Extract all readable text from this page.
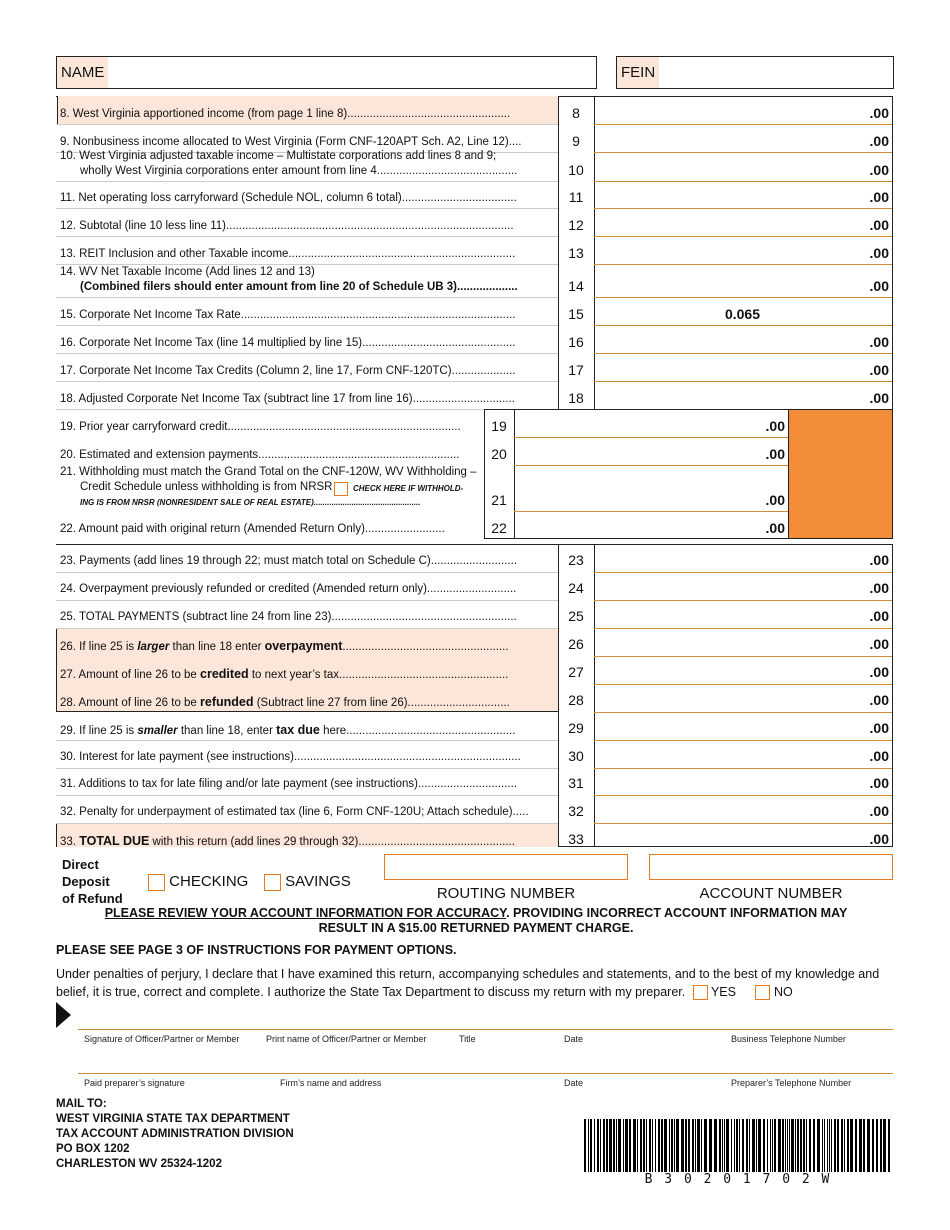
NAME	FEIN
8. West Virginia apportioned income (from page 1 line 8)...................................................	8	.00
9. Nonbusiness income allocated to West Virginia (Form CNF-120APT Sch. A2, Line 12)....	9	.00
10. West Virginia adjusted taxable income – Multistate corporations add lines 8 and 9;
wholly West Virginia corporations enter amount from line 4............................................	10	.00
11. Net operating loss carryforward (Schedule NOL, column 6 total)....................................	11	.00
12. Subtotal (line 10 less line 11)..........................................................................................	12	.00
13. REIT Inclusion and other Taxable income.......................................................................	13	.00
14. WV Net Taxable Income (Add lines 12 and 13)
(Combined filers should enter amount from line 20 of Schedule UB 3)...................	14	.00
15. Corporate Net Income Tax Rate......................................................................................	15	0.065
16. Corporate Net Income Tax (line 14 multiplied by line 15)................................................	16	.00
17. Corporate Net Income Tax Credits (Column 2, line 17, Form CNF-120TC)....................	17	.00
18. Adjusted Corporate Net Income Tax (subtract line 17 from line 16)................................	18	.00
19. Prior year carryforward credit.........................................................................	19	.00
20. Estimated and extension payments...............................................................	20	.00
21. Withholding must match the Grand Total on the CNF-120W, WV Withholding –
Credit Schedule unless withholding is from NRSR	CHECK HERE IF WITHHOLD-
ING IS FROM NRSR (NONRESIDENT SALE OF REAL ESTATE)................................................	21	.00
22. Amount paid with original return (Amended Return Only).........................	22	.00
23. Payments (add lines 19 through 22; must match total on Schedule C)...........................	23	.00
24. Overpayment previously refunded or credited (Amended return only)............................	24	.00
25. TOTAL PAYMENTS (subtract line 24 from line 23)..........................................................	25	.00
26. If line 25 is larger than line 18 enter overpayment....................................................	26	.00
27. Amount of line 26 to be credited to next year’s tax.....................................................	27	.00
28. Amount of line 26 to be refunded (Subtract line 27 from line 26)................................	28	.00
29. If line 25 is smaller than line 18, enter tax due here.....................................................	29	.00
30. Interest for late payment (see instructions).......................................................................	30	.00
31. Additions to tax for late filing and/or late payment (see instructions)...............................	31	.00
32. Penalty for underpayment of estimated tax (line 6, Form CNF-120U; Attach schedule).....	32	.00
33. TOTAL DUE with this return (add lines 29 through 32).................................................	33	.00
Direct
Deposit
of Refund
CHECKING	SAVINGS
ROUTING NUMBER	ACCOUNT NUMBER
PLEASE REVIEW YOUR ACCOUNT INFORMATION FOR ACCURACY. PROVIDING INCORRECT ACCOUNT INFORMATION MAY
RESULT IN A $15.00 RETURNED PAYMENT CHARGE.
PLEASE SEE PAGE 3 OF INSTRUCTIONS FOR PAYMENT OPTIONS.
Under penalties of perjury, I declare that I have examined this return, accompanying schedules and statements, and to the best of my knowledge and
belief, it is true, correct and complete. I authorize the State Tax Department to discuss my return with my preparer. YES	NO
Signature of Officer/Partner or Member	Print name of Officer/Partner or Member	Title	Date	Business Telephone Number
Paid preparer’s signature	Firm’s name and address	Date	Preparer’s Telephone Number
MAIL TO:
WEST VIRGINIA STATE TAX DEPARTMENT
TAX ACCOUNT ADMINISTRATION DIVISION
PO BOX 1202
CHARLESTON WV 25324-1202
B 3 0 2 0 1 7 0 2 W
